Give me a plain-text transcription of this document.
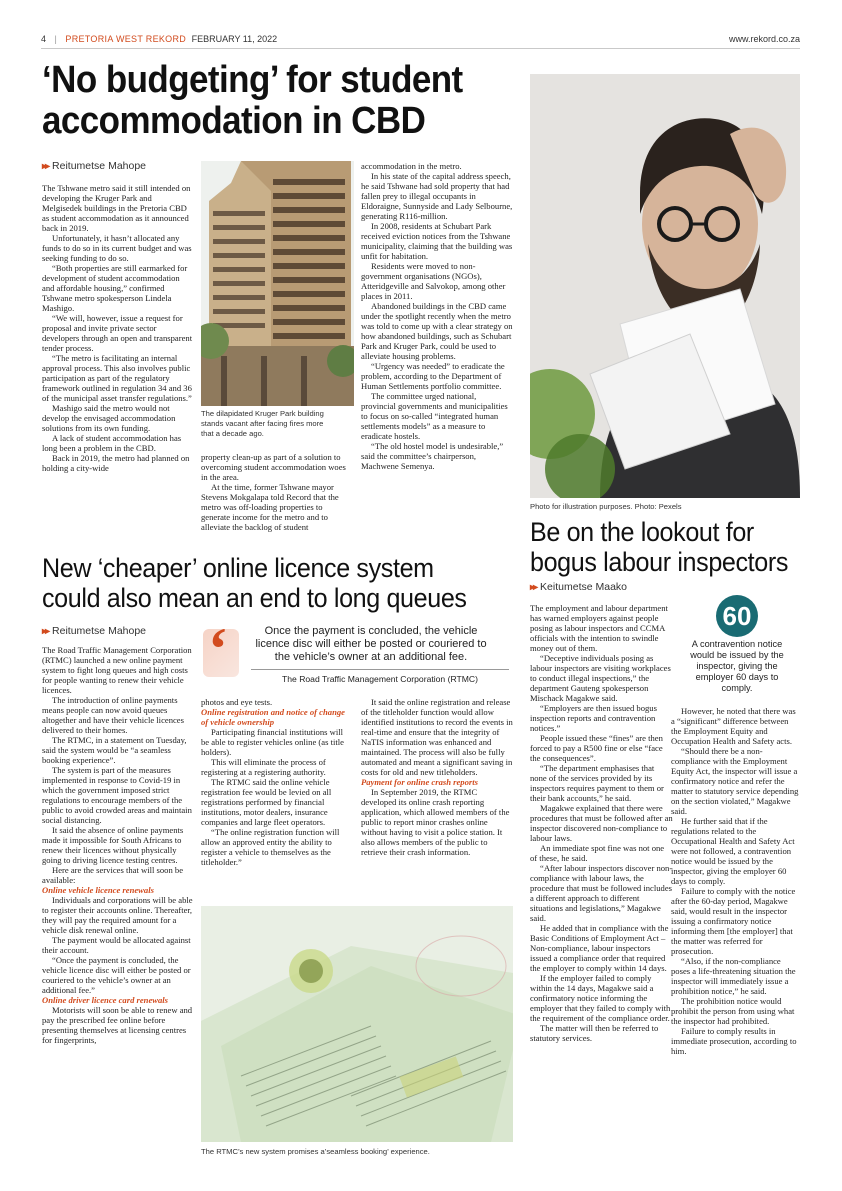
4 | PRETORIA WEST REKORD FEBRUARY 11, 2022	www.rekord.co.za
‘No budgeting’ for student
accommodation in CBD
▸▸ Reitumetse Mahope

The Tshwane metro said it still intended on developing the Kruger Park and Melgisedek buildings in the Pretoria CBD as student accommodation as it announced back in 2019.

Unfortunately, it hasn’t allocated any funds to do so in its current budget and was seeking funding to do so.

“Both properties are still earmarked for development of student accommodation and affordable housing,” confirmed Tshwane metro spokesperson Lindela Mashigo.

“We will, however, issue a request for proposal and invite private sector developers through an open and transparent tender process.

“The metro is facilitating an internal approval process. This also involves public participation as part of the regulatory framework outlined in regulation 34 and 36 of the municipal asset transfer regulations.”

Mashigo said the metro would not develop the envisaged accommodation solutions from its own funding.

A lack of student accommodation has long been a problem in the CBD.

Back in 2019, the metro had planned on holding a city-wide

The dilapidated Kruger Park building
stands vacant after facing fires more
that a decade ago.

property clean-up as part of a solution to overcoming student accommodation woes in the area.

At the time, former Tshwane mayor Stevens Mokgalapa told Record that the metro was off-loading properties to generate income for the metro and to alleviate the backlog of student

accommodation in the metro.

In his state of the capital address speech, he said Tshwane had sold property that had fallen prey to illegal occupants in Eldoraigne, Sunnyside and Lady Selbourne, generating R116-million.

In 2008, residents at Schubart Park received eviction notices from the Tshwane municipality, claiming that the building was unfit for habitation.

Residents were moved to non-government organisations (NGOs), Atteridgeville and Salvokop, among other places in 2011.

Abandoned buildings in the CBD came under the spotlight recently when the metro was told to come up with a clear strategy on how abandoned buildings, such as Schubart Park and Kruger Park, could be used to alleviate housing problems.

“Urgency was needed” to eradicate the problem, according to the Department of Human Settlements portfolio committee.

The committee urged national, provincial governments and municipalities to focus on so-called “integrated human settlements models” as a measure to eradicate hostels.

“The old hostel model is undesirable,” said the committee’s chairperson, Machwene Semenya.

Photo for illustration purposes. Photo: Pexels
Be on the lookout for
bogus labour inspectors
▸▸ Keitumetse Maako
60
A contravention notice would be issued by the inspector, giving the employer 60 days to comply.

The employment and labour department has warned employers against people posing as labour inspectors and CCMA officials with the intention to swindle money out of them.

“Deceptive individuals posing as labour inspectors are visiting workplaces to conduct illegal inspections,” the department Gauteng spokesperson Mischack Magakwe said.

“Employers are then issued bogus inspection reports and contravention notices.”

People issued these “fines” are then forced to pay a R500 fine or else “face the consequences”.

“The department emphasises that none of the services provided by its inspectors requires payment to them or their bank accounts,” he said.

Magakwe explained that there were procedures that must be followed after an inspector discovered non-compliance to labour laws.

An immediate spot fine was not one of these, he said.

“After labour inspectors discover non-compliance with labour laws, the procedure that must be followed includes a different approach to different situations and legislations,” Magakwe said.

He added that in compliance with the Basic Conditions of Employment Act – Non-compliance, labour inspectors issued a compliance order that required the employer to comply within 14 days.

If the employer failed to comply within the 14 days, Magakwe said a confirmatory notice informing the employer that they failed to comply with the requirement of the compliance order.

The matter will then be referred to statutory services.

However, he noted that there was a “significant” difference between the Employment Equity and Occupation Health and Safety acts.

“Should there be a non-compliance with the Employment Equity Act, the inspector will issue a confirmatory notice and refer the matter to statutory service depending on the section violated,” Magakwe said.

He further said that if the regulations related to the Occupational Health and Safety Act were not followed, a contravention notice would be issued by the inspector, giving the employer 60 days to comply.

Failure to comply with the notice after the 60-day period, Magakwe said, would result in the inspector issuing a confirmatory notice informing them [the employer] that the matter was referred for prosecution.

“Also, if the non-compliance poses a life-threatening situation the inspector will immediately issue a prohibition notice,” he said.

The prohibition notice would prohibit the person from using what the inspector had prohibited.

Failure to comply results in immediate prosecution, according to him.

New ‘cheaper’ online licence system
could also mean an end to long queues
▸▸ Reitumetse Mahope ‘	Once the payment is concluded, the vehicle licence disc will either be posted or couriered to the vehicle’s owner at an additional fee.
The Road Traffic Management Corporation (RTMC)

The Road Traffic Management Corporation (RTMC) launched a new online payment system to fight long queues and high costs for people wanting to renew their vehicle licences.

The introduction of online payments means people can now avoid queues altogether and have their vehicle licences delivered to their homes.

The RTMC, in a statement on Tuesday, said the system would be “a seamless booking experience”.

The system is part of the measures implemented in response to Covid-19 in which the government imposed strict regulations to encourage members of the public to avoid crowded areas and maintain social distancing.

It said the absence of online payments made it impossible for South Africans to renew their licences without physically going to driving licence testing centres.

Here are the services that will soon be available:

Online vehicle licence renewals

Individuals and corporations will be able to register their accounts online. Thereafter, they will pay the required amount for a vehicle disk renewal online.

The payment would be allocated against their account.

“Once the payment is concluded, the vehicle licence disc will either be posted or couriered to the vehicle’s owner at an additional fee.”

Online driver licence card renewals

Motorists will soon be able to renew and pay the prescribed fee online before presenting themselves at licensing centres for fingerprints,

photos and eye tests.

Online registration and notice of change of vehicle ownership

Participating financial institutions will be able to register vehicles online (as title holders).

This will eliminate the process of registering at a registering authority.

The RTMC said the online vehicle registration fee would be levied on all registrations performed by financial institutions, motor dealers, insurance companies and large fleet operators.

“The online registration function will allow an approved entity the ability to register a vehicle to themselves as the titleholder.”

It said the online registration and release of the titleholder function would allow identified institutions to record the events in real-time and ensure that the integrity of NaTIS information was enhanced and maintained. The process will also be fully automated and meant a significant saving in costs for old and new titleholders.

Payment for online crash reports

In September 2019, the RTMC developed its online crash reporting application, which allowed members of the public to report minor crashes online without having to visit a police station. It also allows members of the public to retrieve their crash information.

The RTMC’s new system promises a’seamless booking’ experience.
